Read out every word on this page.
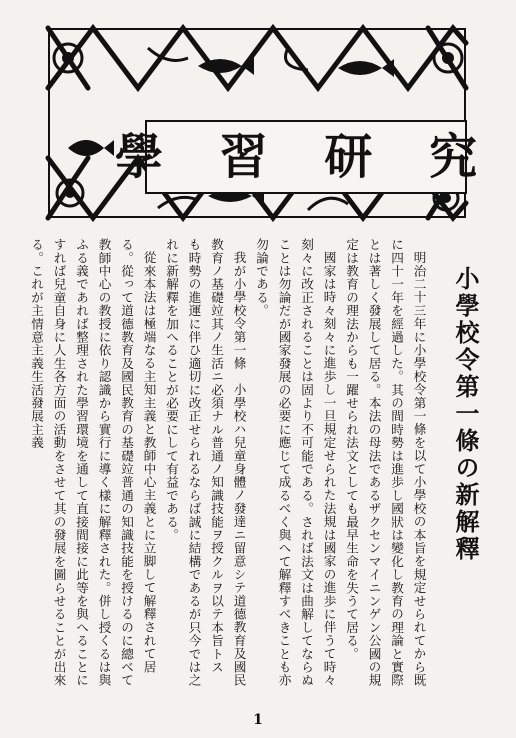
學 習 研 究

小學校令第一條の新解釋

明治二十三年に小學校令第一條を以て小學校の本旨を規定せられてから既に四十一年を經過した。其の間時勢は進歩し國狀は變化し教育の理論と實際とは著しく發展して居る。本法の母法であるザクセンマイニンゲン公國の規定は教育の理法からも一躍せられ法文としても最早生命を失うて居る。

國家は時々刻々に進歩し一旦規定せられた法規は國家の進歩に伴うて時々刻々に改正されることは固より不可能である。されば法文は曲解してならぬことは勿論だが國家發展の必要に應じて成るべく與へて解釋すべきことも亦勿論である。

我が小學校令第一條　小學校ハ兒童身體ノ發達ニ留意シテ道德教育及國民教育ノ基礎竝其ノ生活ニ必須ナル普通ノ知識技能ヲ授クルヲ以テ本旨トス　も時勢の進運に伴ひ適切に改正せられるならば誠に結構であるが只今では之れに新解釋を加へることが必要にして有益である。

從來本法は極端なる主知主義と教師中心主義とに立脚して解釋されて居る。從って道德教育及國民教育の基礎竝普通の知識技能を授けるのに總べて教師中心の教授に依り認識から實行に導く樣に解釋された。併し授くるは與ふる義であれば整理された學習環境を通して直接間接に此等を與へることにすれば兒童自身に人生各方面の活動をさせて其の發展を圖らせることが出來る。これが主情意主義生活發展主義

1
